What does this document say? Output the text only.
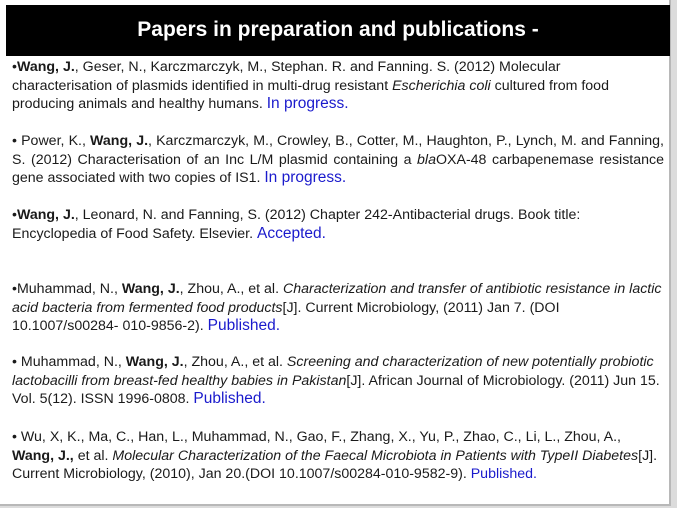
Papers in preparation and publications -

•Wang, J., Geser, N., Karczmarczyk, M., Stephan. R. and Fanning. S. (2012) Molecular characterisation of plasmids identified in multi-drug resistant Escherichia coli cultured from food producing animals and healthy humans. In progress.

• Power, K., Wang, J., Karczmarczyk, M., Crowley, B., Cotter, M., Haughton, P., Lynch, M. and Fanning, S. (2012) Characterisation of an Inc L/M plasmid containing a blaOXA-48 carbapenemase resistance gene associated with two copies of IS1. In progress.

•Wang, J., Leonard, N. and Fanning, S. (2012) Chapter 242-Antibacterial drugs. Book title: Encyclopedia of Food Safety. Elsevier. Accepted.

•Muhammad, N., Wang, J., Zhou, A., et al. Characterization and transfer of antibiotic resistance in lactic acid bacteria from fermented food products[J]. Current Microbiology, (2011) Jan 7. (DOI 10.1007/s00284- 010-9856-2). Published.

• Muhammad, N., Wang, J., Zhou, A., et al. Screening and characterization of new potentially probiotic lactobacilli from breast-fed healthy babies in Pakistan[J]. African Journal of Microbiology. (2011) Jun 15. Vol. 5(12). ISSN 1996-0808. Published.

• Wu, X, K., Ma, C., Han, L., Muhammad, N., Gao, F., Zhang, X., Yu, P., Zhao, C., Li, L., Zhou, A., Wang, J., et al. Molecular Characterization of the Faecal Microbiota in Patients with TypeII Diabetes[J]. Current Microbiology, (2010), Jan 20.(DOI 10.1007/s00284-010-9582-9). Published.
